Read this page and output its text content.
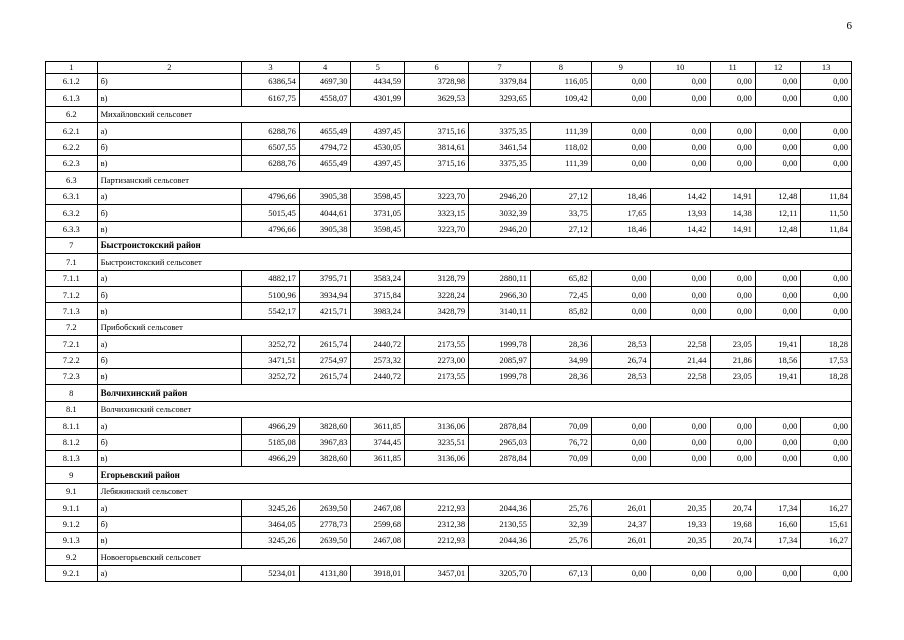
6
1	2	3	4	5	6	7	8	9	10	11	12	13
6.1.2	б)	6386,54	4697,30	4434,59	3728,98	3379,84	116,05	0,00	0,00	0,00	0,00	0,00
6.1.3	в)	6167,75	4558,07	4301,99	3629,53	3293,65	109,42	0,00	0,00	0,00	0,00	0,00
6.2	Михайловский сельсовет											
6.2.1	а)	6288,76	4655,49	4397,45	3715,16	3375,35	111,39	0,00	0,00	0,00	0,00	0,00
6.2.2	б)	6507,55	4794,72	4530,05	3814,61	3461,54	118,02	0,00	0,00	0,00	0,00	0,00
6.2.3	в)	6288,76	4655,49	4397,45	3715,16	3375,35	111,39	0,00	0,00	0,00	0,00	0,00
6.3	Партизанский сельсовет											
6.3.1	а)	4796,66	3905,38	3598,45	3223,70	2946,20	27,12	18,46	14,42	14,91	12,48	11,84
6.3.2	б)	5015,45	4044,61	3731,05	3323,15	3032,39	33,75	17,65	13,93	14,38	12,11	11,50
6.3.3	в)	4796,66	3905,38	3598,45	3223,70	2946,20	27,12	18,46	14,42	14,91	12,48	11,84
7	Быстроистокский район											
7.1	Быстроистокский сельсовет											
7.1.1	а)	4882,17	3795,71	3583,24	3128,79	2880,11	65,82	0,00	0,00	0,00	0,00	0,00
7.1.2	б)	5100,96	3934,94	3715,84	3228,24	2966,30	72,45	0,00	0,00	0,00	0,00	0,00
7.1.3	в)	5542,17	4215,71	3983,24	3428,79	3140,11	85,82	0,00	0,00	0,00	0,00	0,00
7.2	Прибобский сельсовет											
7.2.1	а)	3252,72	2615,74	2440,72	2173,55	1999,78	28,36	28,53	22,58	23,05	19,41	18,28
7.2.2	б)	3471,51	2754,97	2573,32	2273,00	2085,97	34,99	26,74	21,44	21,86	18,56	17,53
7.2.3	в)	3252,72	2615,74	2440,72	2173,55	1999,78	28,36	28,53	22,58	23,05	19,41	18,28
8	Волчихинский район											
8.1	Волчихинский сельсовет											
8.1.1	а)	4966,29	3828,60	3611,85	3136,06	2878,84	70,09	0,00	0,00	0,00	0,00	0,00
8.1.2	б)	5185,08	3967,83	3744,45	3235,51	2965,03	76,72	0,00	0,00	0,00	0,00	0,00
8.1.3	в)	4966,29	3828,60	3611,85	3136,06	2878,84	70,09	0,00	0,00	0,00	0,00	0,00
9	Егорьевский район											
9.1	Лебяжинский сельсовет											
9.1.1	а)	3245,26	2639,50	2467,08	2212,93	2044,36	25,76	26,01	20,35	20,74	17,34	16,27
9.1.2	б)	3464,05	2778,73	2599,68	2312,38	2130,55	32,39	24,37	19,33	19,68	16,60	15,61
9.1.3	в)	3245,26	2639,50	2467,08	2212,93	2044,36	25,76	26,01	20,35	20,74	17,34	16,27
9.2	Новоегорьевский сельсовет											
9.2.1	а)	5234,01	4131,80	3918,01	3457,01	3205,70	67,13	0,00	0,00	0,00	0,00	0,00
